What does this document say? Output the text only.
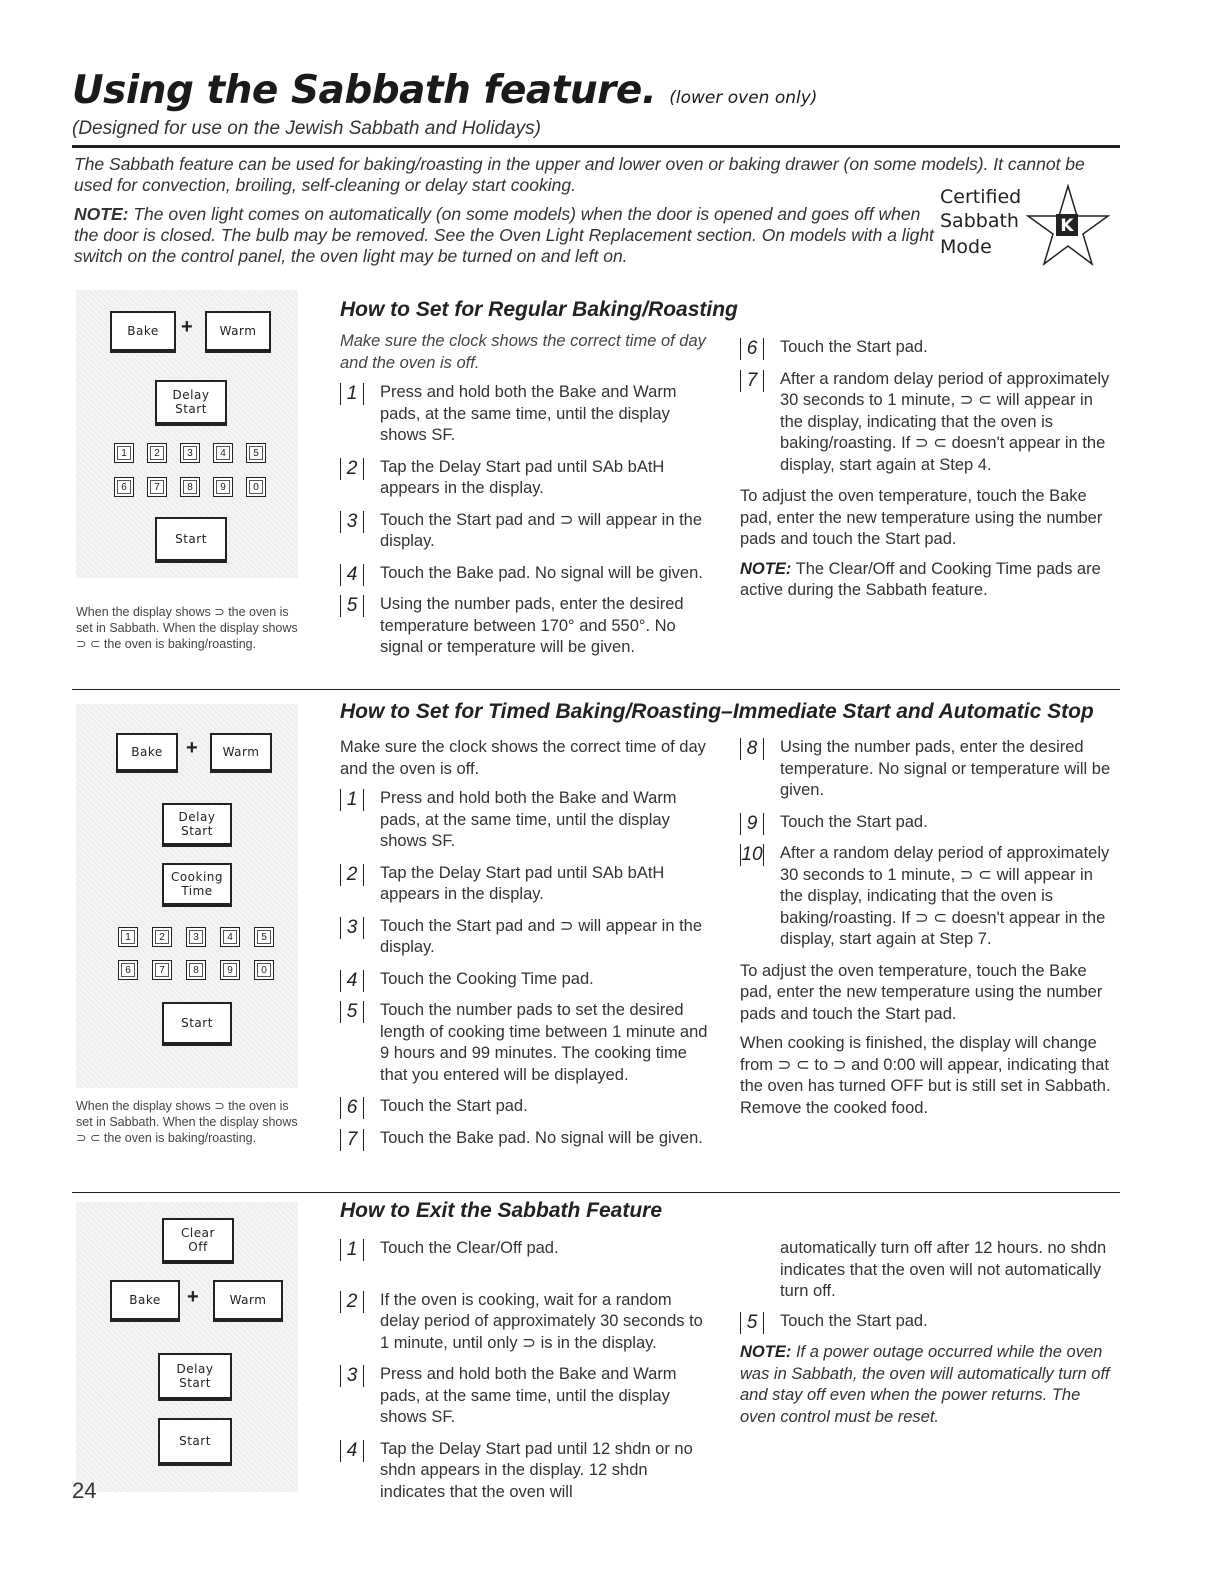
Using the Sabbath feature. (lower oven only)
(Designed for use on the Jewish Sabbath and Holidays)

The Sabbath feature can be used for baking/roasting in the upper and lower oven or baking drawer (on some models). It cannot be used for convection, broiling, self-cleaning or delay start cooking.

NOTE: The oven light comes on automatically (on some models) when the door is opened and goes off when the door is closed. The bulb may be removed. See the Oven Light Replacement section. On models with a light switch on the control panel, the oven light may be turned on and left on.

Certified
Sabbath
Mode
K
Bake + Warm
Delay
Start
1	2	3	4	5
6	7	8	9	0
Start
When the display shows ⊃ the oven is set in Sabbath. When the display shows ⊃ ⊂ the oven is baking/roasting.
How to Set for Regular Baking/Roasting
Make sure the clock shows the correct time of day and the oven is off.
1	Press and hold both the Bake and Warm pads, at the same time, until the display shows SF.
2	Tap the Delay Start pad until SAb bAtH appears in the display.
3	Touch the Start pad and ⊃ will appear in the display.
4	Touch the Bake pad. No signal will be given.
5	Using the number pads, enter the desired temperature between 170° and 550°. No signal or temperature will be given.
6	Touch the Start pad.
7	After a random delay period of approximately 30 seconds to 1 minute, ⊃ ⊂ will appear in the display, indicating that the oven is baking/roasting. If ⊃ ⊂ doesn't appear in the display, start again at Step 4.
To adjust the oven temperature, touch the Bake pad, enter the new temperature using the number pads and touch the Start pad.
NOTE: The Clear/Off and Cooking Time pads are active during the Sabbath feature.
Bake + Warm
Delay
Start
Cooking
Time
1	2	3	4	5
6	7	8	9	0
Start
When the display shows ⊃ the oven is set in Sabbath. When the display shows ⊃ ⊂ the oven is baking/roasting.
How to Set for Timed Baking/Roasting–Immediate Start and Automatic Stop
Make sure the clock shows the correct time of day and the oven is off.
1	Press and hold both the Bake and Warm pads, at the same time, until the display shows SF.
2	Tap the Delay Start pad until SAb bAtH appears in the display.
3	Touch the Start pad and ⊃ will appear in the display.
4	Touch the Cooking Time pad.
5	Touch the number pads to set the desired length of cooking time between 1 minute and 9 hours and 99 minutes. The cooking time that you entered will be displayed.
6	Touch the Start pad.
7	Touch the Bake pad. No signal will be given.
8	Using the number pads, enter the desired temperature. No signal or temperature will be given.
9	Touch the Start pad.
10 After a random delay period of approximately 30 seconds to 1 minute, ⊃ ⊂ will appear in the display, indicating that the oven is baking/roasting. If ⊃ ⊂ doesn't appear in the display, start again at Step 7.
To adjust the oven temperature, touch the Bake pad, enter the new temperature using the number pads and touch the Start pad.
When cooking is finished, the display will change from ⊃ ⊂ to ⊃ and 0:00 will appear, indicating that the oven has turned OFF but is still set in Sabbath. Remove the cooked food.
Clear
Off
Bake +	Warm
Delay
Start
Start
How to Exit the Sabbath Feature
1	Touch the Clear/Off pad.
2	If the oven is cooking, wait for a random delay period of approximately 30 seconds to 1 minute, until only ⊃ is in the display.
3	Press and hold both the Bake and Warm pads, at the same time, until the display shows SF.
4	Tap the Delay Start pad until 12 shdn or no shdn appears in the display. 12 shdn indicates that the oven will
automatically turn off after 12 hours. no shdn indicates that the oven will not automatically turn off.
5	Touch the Start pad.
NOTE: If a power outage occurred while the oven was in Sabbath, the oven will automatically turn off and stay off even when the power returns. The oven control must be reset.
24
